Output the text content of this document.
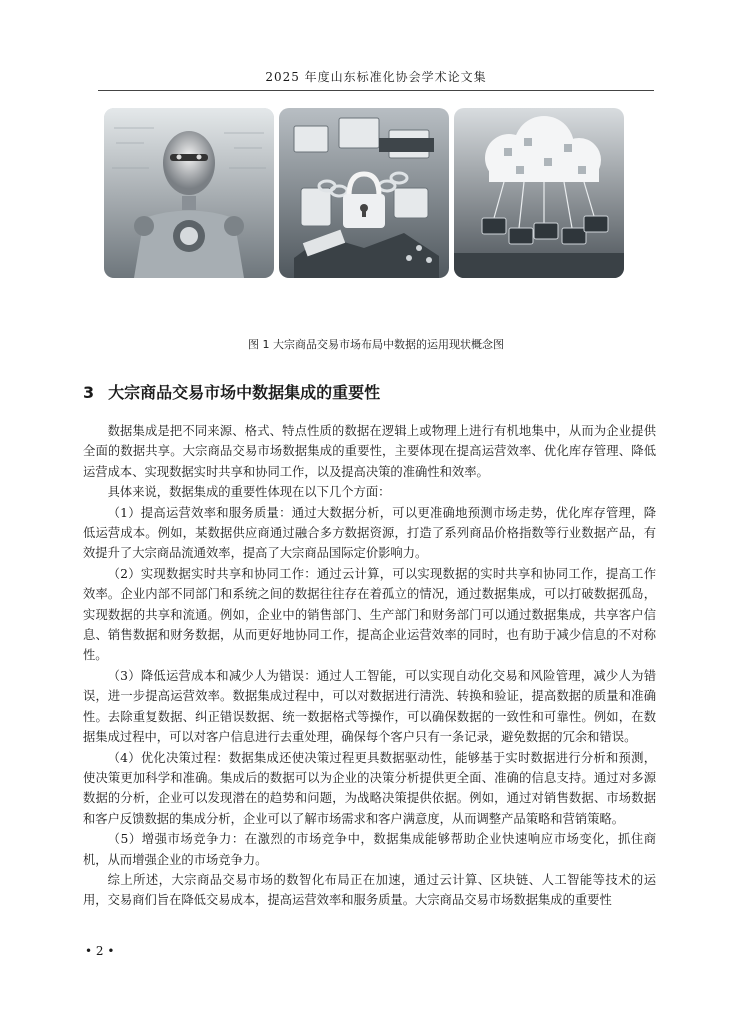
2025 年度山东标准化协会学术论文集
图 1 大宗商品交易市场布局中数据的运用现状概念图
3 大宗商品交易市场中数据集成的重要性

数据集成是把不同来源、格式、特点性质的数据在逻辑上或物理上进行有机地集中，从而为企业提供全面的数据共享。大宗商品交易市场数据集成的重要性，主要体现在提高运营效率、优化库存管理、降低运营成本、实现数据实时共享和协同工作，以及提高决策的准确性和效率。

具体来说，数据集成的重要性体现在以下几个方面：

（1）提高运营效率和服务质量：通过大数据分析，可以更准确地预测市场走势，优化库存管理，降低运营成本。例如，某数据供应商通过融合多方数据资源，打造了系列商品价格指数等行业数据产品，有效提升了大宗商品流通效率，提高了大宗商品国际定价影响力。

（2）实现数据实时共享和协同工作：通过云计算，可以实现数据的实时共享和协同工作，提高工作效率。企业内部不同部门和系统之间的数据往往存在着孤立的情况，通过数据集成，可以打破数据孤岛，实现数据的共享和流通。例如，企业中的销售部门、生产部门和财务部门可以通过数据集成，共享客户信息、销售数据和财务数据，从而更好地协同工作，提高企业运营效率的同时，也有助于减少信息的不对称性。

（3）降低运营成本和减少人为错误：通过人工智能，可以实现自动化交易和风险管理，减少人为错误，进一步提高运营效率。数据集成过程中，可以对数据进行清洗、转换和验证，提高数据的质量和准确性。去除重复数据、纠正错误数据、统一数据格式等操作，可以确保数据的一致性和可靠性。例如，在数据集成过程中，可以对客户信息进行去重处理，确保每个客户只有一条记录，避免数据的冗余和错误。

（4）优化决策过程：数据集成还使决策过程更具数据驱动性，能够基于实时数据进行分析和预测，使决策更加科学和准确。集成后的数据可以为企业的决策分析提供更全面、准确的信息支持。通过对多源数据的分析，企业可以发现潜在的趋势和问题，为战略决策提供依据。例如，通过对销售数据、市场数据和客户反馈数据的集成分析，企业可以了解市场需求和客户满意度，从而调整产品策略和营销策略。

（5）增强市场竞争力：在激烈的市场竞争中，数据集成能够帮助企业快速响应市场变化，抓住商机，从而增强企业的市场竞争力。

综上所述，大宗商品交易市场的数智化布局正在加速，通过云计算、区块链、人工智能等技术的运用，交易商们旨在降低交易成本，提高运营效率和服务质量。大宗商品交易市场数据集成的重要性

• 2 •
